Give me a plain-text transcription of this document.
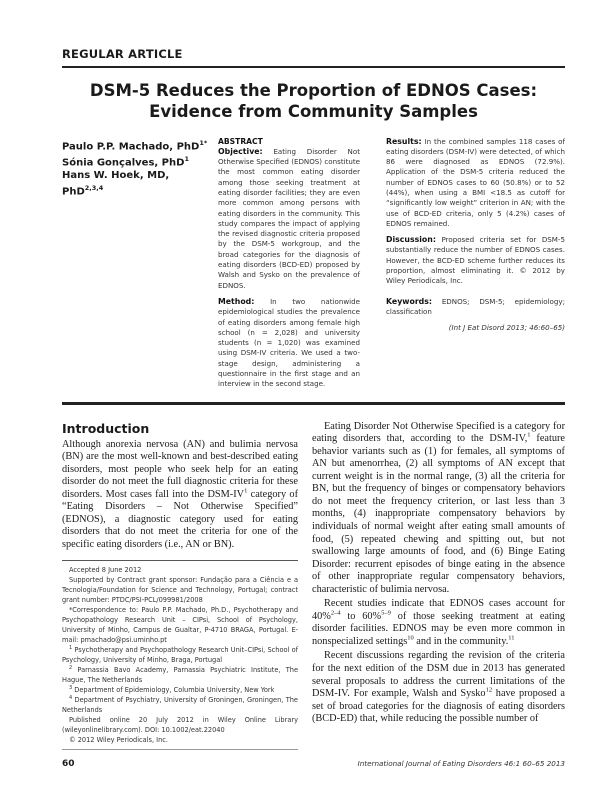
REGULAR ARTICLE
DSM-5 Reduces the Proportion of EDNOS Cases: Evidence from Community Samples
Paulo P.P. Machado, PhD$^{1*}$
Sónia Gonçalves, PhD$^1$
Hans W. Hoek, MD, PhD$^{2,3,4}$
ABSTRACT

Objective: Eating Disorder Not Otherwise Specified (EDNOS) constitute the most common eating disorder among those seeking treatment at eating disorder facilities; they are even more common among persons with eating disorders in the community. This study compares the impact of applying the revised diagnostic criteria proposed by the DSM-5 workgroup, and the broad categories for the diagnosis of eating disorders (BCD-ED) proposed by Walsh and Sysko on the prevalence of EDNOS.

Method: In two nationwide epidemiological studies the prevalence of eating disorders among female high school (n = 2,028) and university students (n = 1,020) was examined using DSM-IV criteria. We used a two-stage design, administering a questionnaire in the first stage and an interview in the second stage.

Results: In the combined samples 118 cases of eating disorders (DSM-IV) were detected, of which 86 were diagnosed as EDNOS (72.9%). Application of the DSM-5 criteria reduced the number of EDNOS cases to 60 (50.8%) or to 52 (44%), when using a BMI <18.5 as cutoff for “significantly low weight” criterion in AN; with the use of BCD-ED criteria, only 5 (4.2%) cases of EDNOS remained.

Discussion: Proposed criteria set for DSM-5 substantially reduce the number of EDNOS cases. However, the BCD-ED scheme further reduces its proportion, almost eliminating it. © 2012 by Wiley Periodicals, Inc.

Keywords: EDNOS; DSM-5; epidemiology; classification

(Int J Eat Disord 2013; 46:60–65)
Introduction

Although anorexia nervosa (AN) and bulimia nervosa (BN) are the most well-known and best-described eating disorders, most people who seek help for an eating disorder do not meet the full diagnostic criteria for these disorders. Most cases fall into the DSM-$IV^1$ category of “Eating Disorders – Not Otherwise Specified” (EDNOS), a diagnostic category used for eating disorders that do not meet the criteria for one of the specific eating disorders (i.e., AN or BN).

Accepted 8 June 2012

Supported by Contract grant sponsor: Fundação para a Ciência e a Tecnologia/Foundation for Science and Technology, Portugal; contract grant number: PTDC/PSI-PCL/099981/2008

*Correspondence to: Paulo P.P. Machado, Ph.D., Psychotherapy and Psychopathology Research Unit – CIPsi, School of Psychology, University of Minho, Campus de Gualtar, P-4710 BRAGA, Portugal. E-mail: pmachado@psi.uminho.pt

$^1$ Psychotherapy and Psychopathology Research Unit–CIPsi, School of Psychology, University of Minho, Braga, Portugal

$^2$ Parnassia Bavo Academy, Parnassia Psychiatric Institute, The Hague, The Netherlands

$^3$ Department of Epidemiology, Columbia University, New York

$^4$ Department of Psychiatry, University of Groningen, Groningen, The Netherlands

Published online 20 July 2012 in Wiley Online Library (wileyonlinelibrary.com). DOI: 10.1002/eat.22040

© 2012 Wiley Periodicals, Inc.

60

Eating Disorder Not Otherwise Specified is a category for eating disorders that, according to the DSM-IV,$^1$ feature behavior variants such as (1) for females, all symptoms of AN but amenorrhea, (2) all symptoms of AN except that current weight is in the normal range, (3) all the criteria for BN, but the frequency of binges or compensatory behaviors do not meet the frequency criterion, or last less than 3 months, (4) inappropriate compensatory behaviors by individuals of normal weight after eating small amounts of food, (5) repeated chewing and spitting out, but not swallowing large amounts of food, and (6) Binge Eating Disorder: recurrent episodes of binge eating in the absence of other inappropriate regular compensatory behaviors, characteristic of bulimia nervosa.

Recent studies indicate that EDNOS cases account for 40%$^{2-4}$ to 60%$^{5-9}$ of those seeking treatment at eating disorder facilities. EDNOS may be even more common in nonspecialized settings$^{10}$ and in the community.$^{11}$

Recent discussions regarding the revision of the criteria for the next edition of the DSM due in 2013 has generated several proposals to address the current limitations of the DSM-IV. For example, Walsh and Sysko$^{12}$ have proposed a set of broad categories for the diagnosis of eating disorders (BCD-ED) that, while reducing the possible number of

International Journal of Eating Disorders 46:1 60–65 2013
